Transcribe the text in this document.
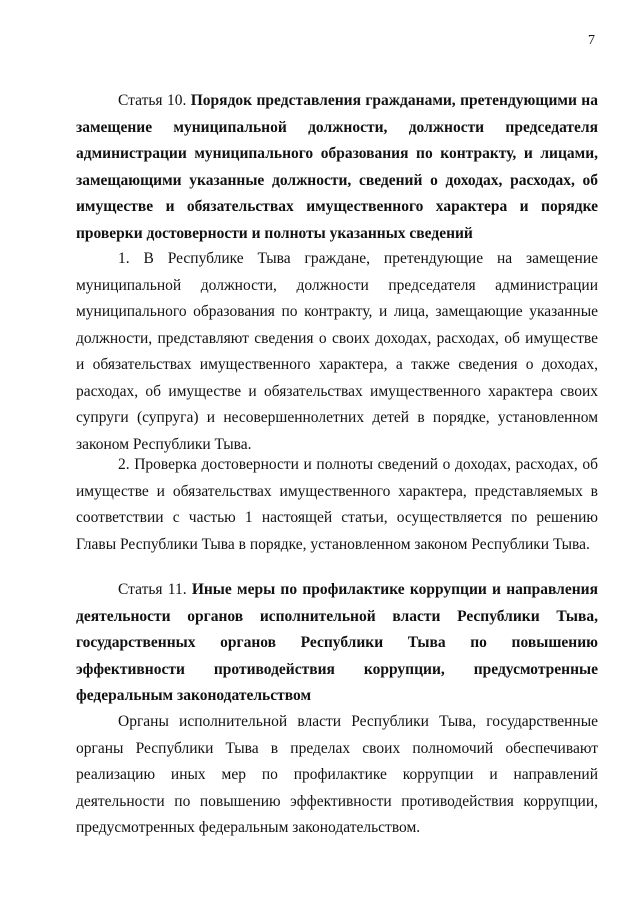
7
Статья 10. Порядок представления гражданами, претендующими на замещение муниципальной должности, должности председателя администрации муниципального образования по контракту, и лицами, замещающими указанные должности, сведений о доходах, расходах, об имуществе и обязательствах имущественного характера и порядке проверки достоверности и полноты указанных сведений

1. В Республике Тыва граждане, претендующие на замещение муниципальной должности, должности председателя администрации муниципального образования по контракту, и лица, замещающие указанные должности, представляют сведения о своих доходах, расходах, об имуществе и обязательствах имущественного характера, а также сведения о доходах, расходах, об имуществе и обязательствах имущественного характера своих супруги (супруга) и несовершеннолетних детей в порядке, установленном законом Республики Тыва.

2. Проверка достоверности и полноты сведений о доходах, расходах, об имуществе и обязательствах имущественного характера, представляемых в соответствии с частью 1 настоящей статьи, осуществляется по решению Главы Республики Тыва в порядке, установленном законом Республики Тыва.

Статья 11. Иные меры по профилактике коррупции и направления деятельности органов исполнительной власти Республики Тыва, государственных органов Республики Тыва по повышению эффективности противодействия коррупции, предусмотренные федеральным законодательством

Органы исполнительной власти Республики Тыва, государственные органы Республики Тыва в пределах своих полномочий обеспечивают реализацию иных мер по профилактике коррупции и направлений деятельности по повышению эффективности противодействия коррупции, предусмотренных федеральным законодательством.
